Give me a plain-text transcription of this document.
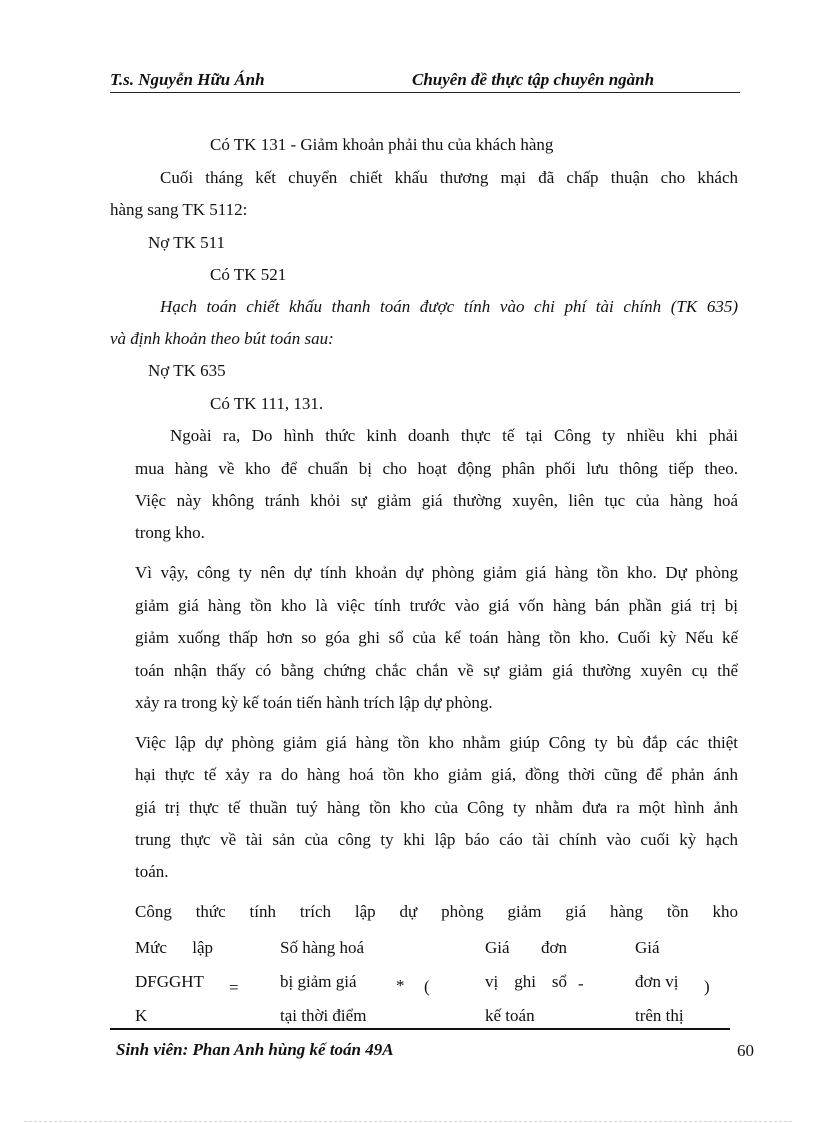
T.s. Nguyễn Hữu Ánh	Chuyên đề thực tập chuyên ngành
Có TK 131 - Giảm khoản phải thu của khách hàng
Cuối tháng kết chuyển chiết khấu thương mại đã chấp thuận cho khách
hàng sang TK 5112:
Nợ TK 511
Có TK 521
Hạch toán chiết khấu thanh toán được tính vào chi phí tài chính (TK 635)
và định khoản theo bút toán sau:
Nợ TK 635
Có TK 111, 131.
Ngoài ra, Do hình thức kinh doanh thực tế tại Công ty nhiều khi phải
mua hàng về kho để chuẩn bị cho hoạt động phân phối lưu thông tiếp theo.
Việc này không tránh khỏi sự giảm giá thường xuyên, liên tục của hàng hoá
trong kho.
Vì vậy, công ty nên dự tính khoản dự phòng giảm giá hàng tồn kho. Dự phòng
giảm giá hàng tồn kho là việc tính trước vào giá vốn hàng bán phần giá trị bị
giảm xuống thấp hơn so góa ghi sổ của kế toán hàng tồn kho. Cuối kỳ Nếu kế
toán nhận thấy có bằng chứng chắc chắn về sự giảm giá thường xuyên cụ thể
xảy ra trong kỳ kế toán tiến hành trích lập dự phòng.
Việc lập dự phòng giảm giá hàng tồn kho nhằm giúp Công ty bù đắp các thiệt
hại thực tế xảy ra do hàng hoá tồn kho giảm giá, đồng thời cũng để phản ánh
giá trị thực tế thuần tuý hàng tồn kho của Công ty nhằm đưa ra một hình ảnh
trung thực về tài sản của công ty khi lập báo cáo tài chính vào cuối kỳ hạch
toán.
Công thức tính trích lập dự phòng giảm giá hàng tồn kho
Mức lập
DFGGHT
K
=
Số hàng hoá
bị giảm giá
tại thời điểm
* (
Giá đơn
vị ghi sổ
kế toán
-
Giá
đơn vị
trên thị
)
Sinh viên: Phan Anh hùng kế toán 49A	60
